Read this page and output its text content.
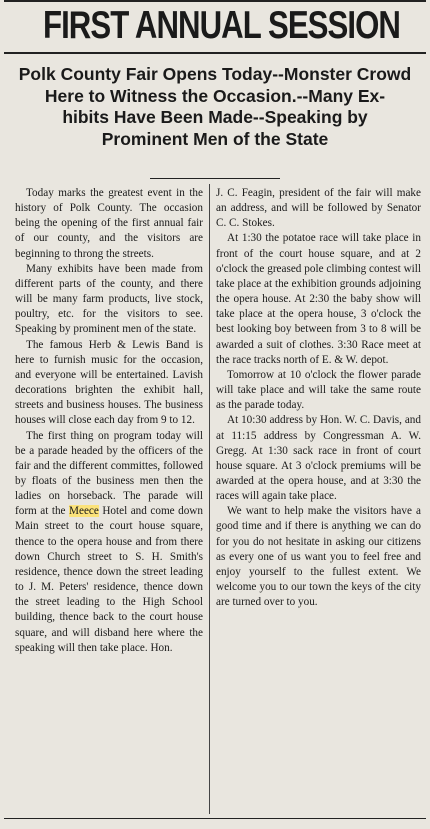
FIRST ANNUAL SESSION
Polk County Fair Opens Today--Monster Crowd
Here to Witness the Occasion.--Many Ex-
hibits Have Been Made--Speaking by
Prominent Men of the State

Today marks the greatest event in the history of Polk County. The occasion being the opening of the first annual fair of our county, and the visitors are beginning to throng the streets.

Many exhibits have been made from different parts of the county, and there will be many farm products, live stock, poultry, etc. for the visitors to see. Speaking by prominent men of the state.

The famous Herb & Lewis Band is here to furnish music for the occasion, and everyone will be entertained. Lavish decorations brighten the exhibit hall, streets and business houses. The business houses will close each day from 9 to 12.

The first thing on program today will be a parade headed by the officers of the fair and the different committes, followed by floats of the business men then the ladies on horseback. The parade will form at the Meece Hotel and come down Main street to the court house square, thence to the opera house and from there down Church street to S. H. Smith's residence, thence down the street leading to J. M. Peters' residence, thence down the street leading to the High School building, thence back to the court house square, and will disband here where the speaking will then take place. Hon.

J. C. Feagin, president of the fair will make an address, and will be followed by Senator C. C. Stokes.

At 1:30 the potatoe race will take place in front of the court house square, and at 2 o'clock the greased pole climbing contest will take place at the exhibition grounds adjoining the opera house. At 2:30 the baby show will take place at the opera house, 3 o'clock the best looking boy between from 3 to 8 will be awarded a suit of clothes. 3:30 Race meet at the race tracks north of E. & W. depot.

Tomorrow at 10 o'clock the flower parade will take place and will take the same route as the parade today.

At 10:30 address by Hon. W. C. Davis, and at 11:15 address by Congressman A. W. Gregg. At 1:30 sack race in front of court house square. At 3 o'clock premiums will be awarded at the opera house, and at 3:30 the races will again take place.

We want to help make the visitors have a good time and if there is anything we can do for you do not hesitate in asking our citizens as every one of us want you to feel free and enjoy yourself to the fullest extent. We welcome you to our town the keys of the city are turned over to you.
